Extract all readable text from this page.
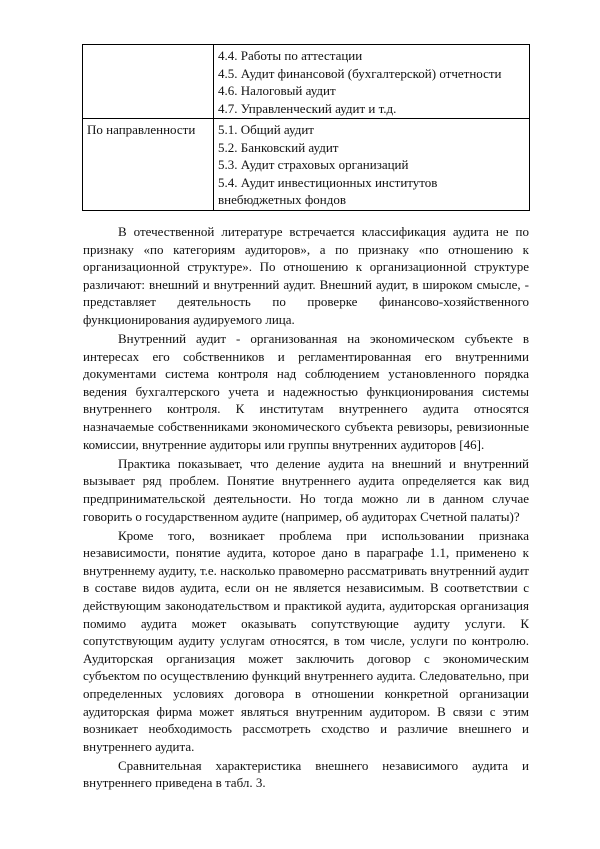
	4.4. Работы по аттестации
4.5. Аудит финансовой (бухгалтерской) отчетности
4.6. Налоговый аудит
4.7. Управленческий аудит и т.д.

По направленности	5.1. Общий аудит
5.2. Банковский аудит
5.3. Аудит страховых организаций
5.4. Аудит инвестиционных институтов
внебюджетных фондов

В отечественной литературе встречается классификация аудита не по признаку «по категориям аудиторов», а по признаку «по отношению к организационной структуре». По отношению к организационной структуре различают: внешний и внутренний аудит. Внешний аудит, в широком смысле, - представляет деятельность по проверке финансово-хозяйственного функционирования аудируемого лица.

Внутренний аудит - организованная на экономическом субъекте в интересах его собственников и регламентированная его внутренними документами система контроля над соблюдением установленного порядка ведения бухгалтерского учета и надежностью функционирования системы внутреннего контроля. К институтам внутреннего аудита относятся назначаемые собственниками экономического субъекта ревизоры, ревизионные комиссии, внутренние аудиторы или группы внутренних аудиторов [46].

Практика показывает, что деление аудита на внешний и внутренний вызывает ряд проблем. Понятие внутреннего аудита определяется как вид предпринимательской деятельности. Но тогда можно ли в данном случае говорить о государственном аудите (например, об аудиторах Счетной палаты)?

Кроме того, возникает проблема при использовании признака независимости, понятие аудита, которое дано в параграфе 1.1, применено к внутреннему аудиту, т.е. насколько правомерно рассматривать внутренний аудит в составе видов аудита, если он не является независимым. В соответствии с действующим законодательством и практикой аудита, аудиторская организация помимо аудита может оказывать сопутствующие аудиту услуги. К сопутствующим аудиту услугам относятся, в том числе, услуги по контролю. Аудиторская организация может заключить договор с экономическим субъектом по осуществлению функций внутреннего аудита. Следовательно, при определенных условиях договора в отношении конкретной организации аудиторская фирма может являться внутренним аудитором. В связи с этим возникает необходимость рассмотреть сходство и различие внешнего и внутреннего аудита.

Сравнительная характеристика внешнего независимого аудита и внутреннего приведена в табл. 3.
